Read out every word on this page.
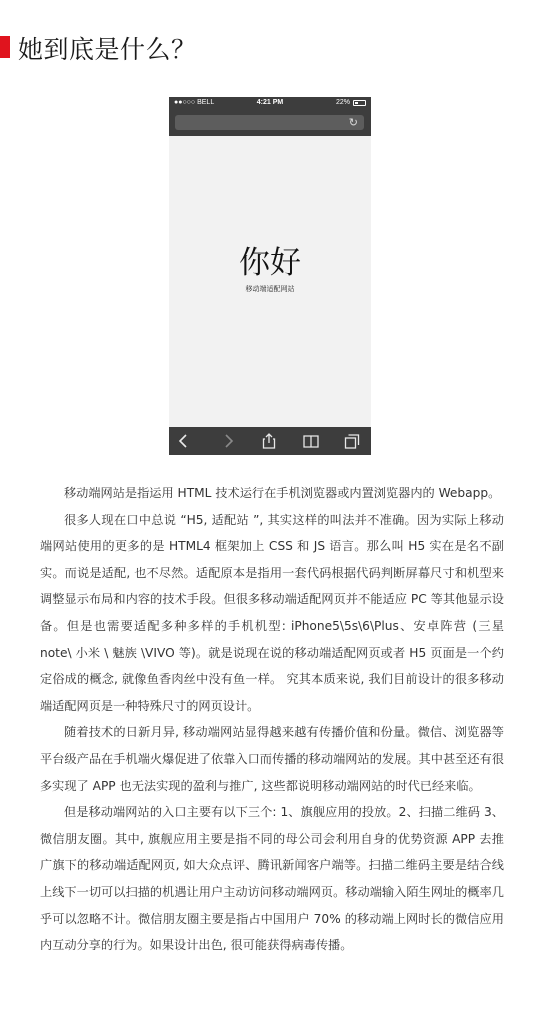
她到底是什么？
●●○○○ BELL	4:21 PM	22%
↻
你好
移动端适配网站

移动端网站是指运用 HTML 技术运行在手机浏览器或内置浏览器内的 Webapp。

很多人现在口中总说 “H5, 适配站 ”, 其实这样的叫法并不准确。因为实际上移动端网站使用的更多的是 HTML4 框架加上 CSS 和 JS 语言。那么叫 H5 实在是名不副实。而说是适配, 也不尽然。适配原本是指用一套代码根据代码判断屏幕尺寸和机型来调整显示布局和内容的技术手段。但很多移动端适配网页并不能适应 PC 等其他显示设备。但是也需要适配多种多样的手机机型: iPhone5\5s\6\Plus、安卓阵营 (三星 note\ 小米 \ 魅族 \VIVO 等)。就是说现在说的移动端适配网页或者 H5 页面是一个约定俗成的概念, 就像鱼香肉丝中没有鱼一样。 究其本质来说, 我们目前设计的很多移动端适配网页是一种特殊尺寸的网页设计。

随着技术的日新月异, 移动端网站显得越来越有传播价值和份量。微信、浏览器等平台级产品在手机端火爆促进了依靠入口而传播的移动端网站的发展。其中甚至还有很多实现了 APP 也无法实现的盈利与推广, 这些都说明移动端网站的时代已经来临。

但是移动端网站的入口主要有以下三个: 1、旗舰应用的投放。2、扫描二维码 3、微信朋友圈。其中, 旗舰应用主要是指不同的母公司会利用自身的优势资源 APP 去推广旗下的移动端适配网页, 如大众点评、腾讯新闻客户端等。扫描二维码主要是结合线上线下一切可以扫描的机遇让用户主动访问移动端网页。移动端输入陌生网址的概率几乎可以忽略不计。微信朋友圈主要是指占中国用户 70% 的移动端上网时长的微信应用内互动分享的行为。如果设计出色, 很可能获得病毒传播。
